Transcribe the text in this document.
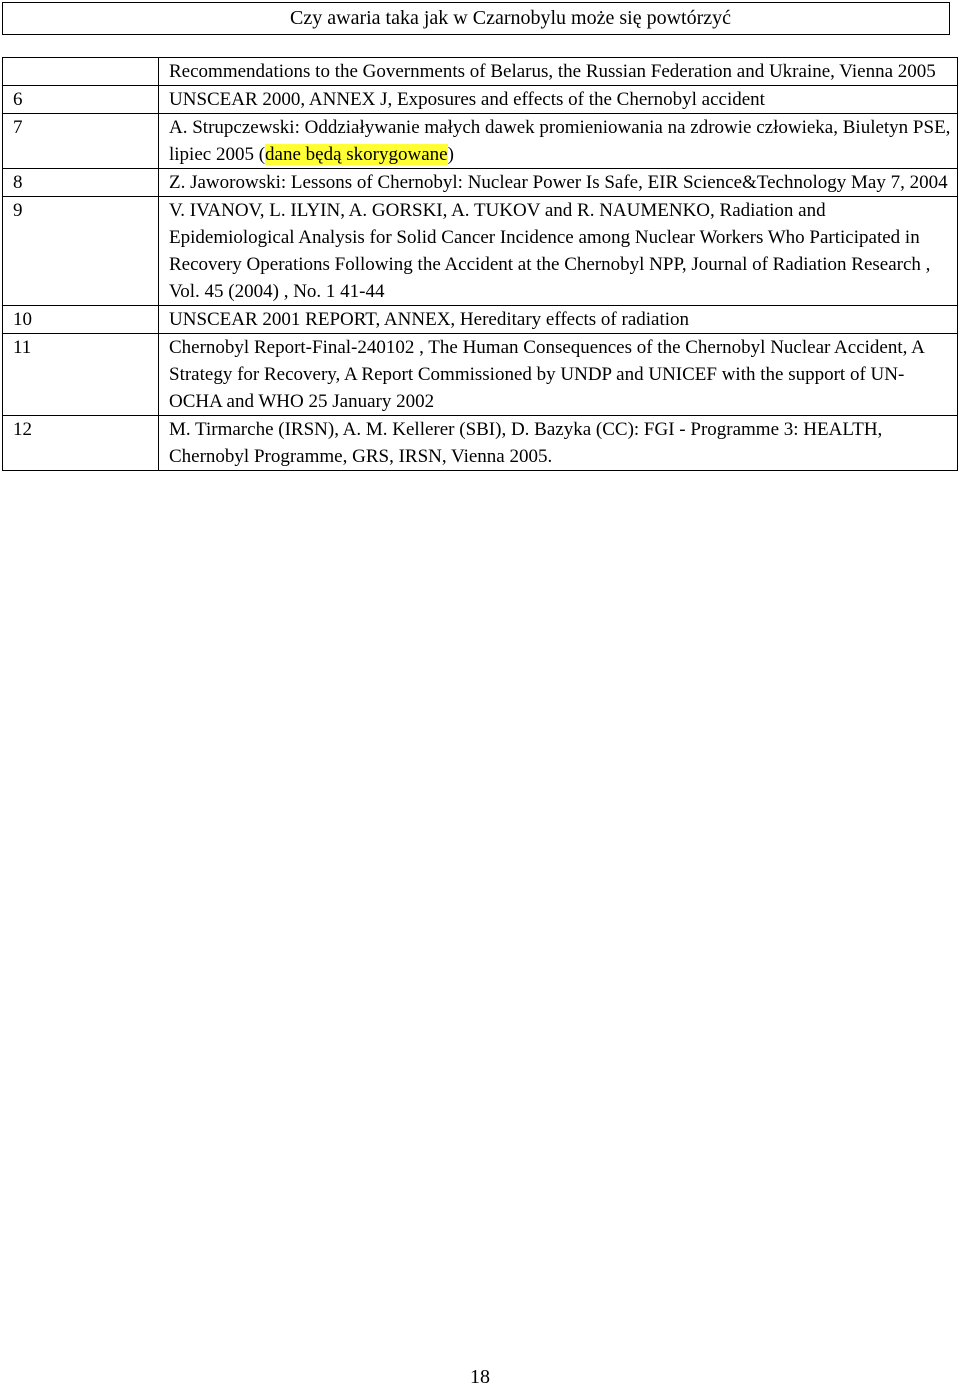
Czy awaria taka jak w Czarnobylu może się powtórzyć
	Recommendations to the Governments of Belarus, the Russian Federation and Ukraine, Vienna 2005
6	UNSCEAR 2000, ANNEX J, Exposures and effects of the Chernobyl accident
7	A. Strupczewski: Oddziaływanie małych dawek promieniowania na zdrowie człowieka, Biuletyn PSE, lipiec 2005 (dane będą skorygowane)
8	Z. Jaworowski: Lessons of Chernobyl: Nuclear Power Is Safe, EIR Science&Technology May 7, 2004
9	V. IVANOV, L. ILYIN, A. GORSKI, A. TUKOV and R. NAUMENKO, Radiation and Epidemiological Analysis for Solid Cancer Incidence among Nuclear Workers Who Participated in Recovery Operations Following the Accident at the Chernobyl NPP, Journal of Radiation Research , Vol. 45 (2004) , No. 1 41-44
10	UNSCEAR 2001 REPORT, ANNEX, Hereditary effects of radiation
11	Chernobyl Report-Final-240102 , The Human Consequences of the Chernobyl Nuclear Accident, A Strategy for Recovery, A Report Commissioned by UNDP and UNICEF with the support of UN-OCHA and WHO 25 January 2002
12	M. Tirmarche (IRSN), A. M. Kellerer (SBI), D. Bazyka (CC): FGI - Programme 3: HEALTH, Chernobyl Programme, GRS, IRSN, Vienna 2005.
18
